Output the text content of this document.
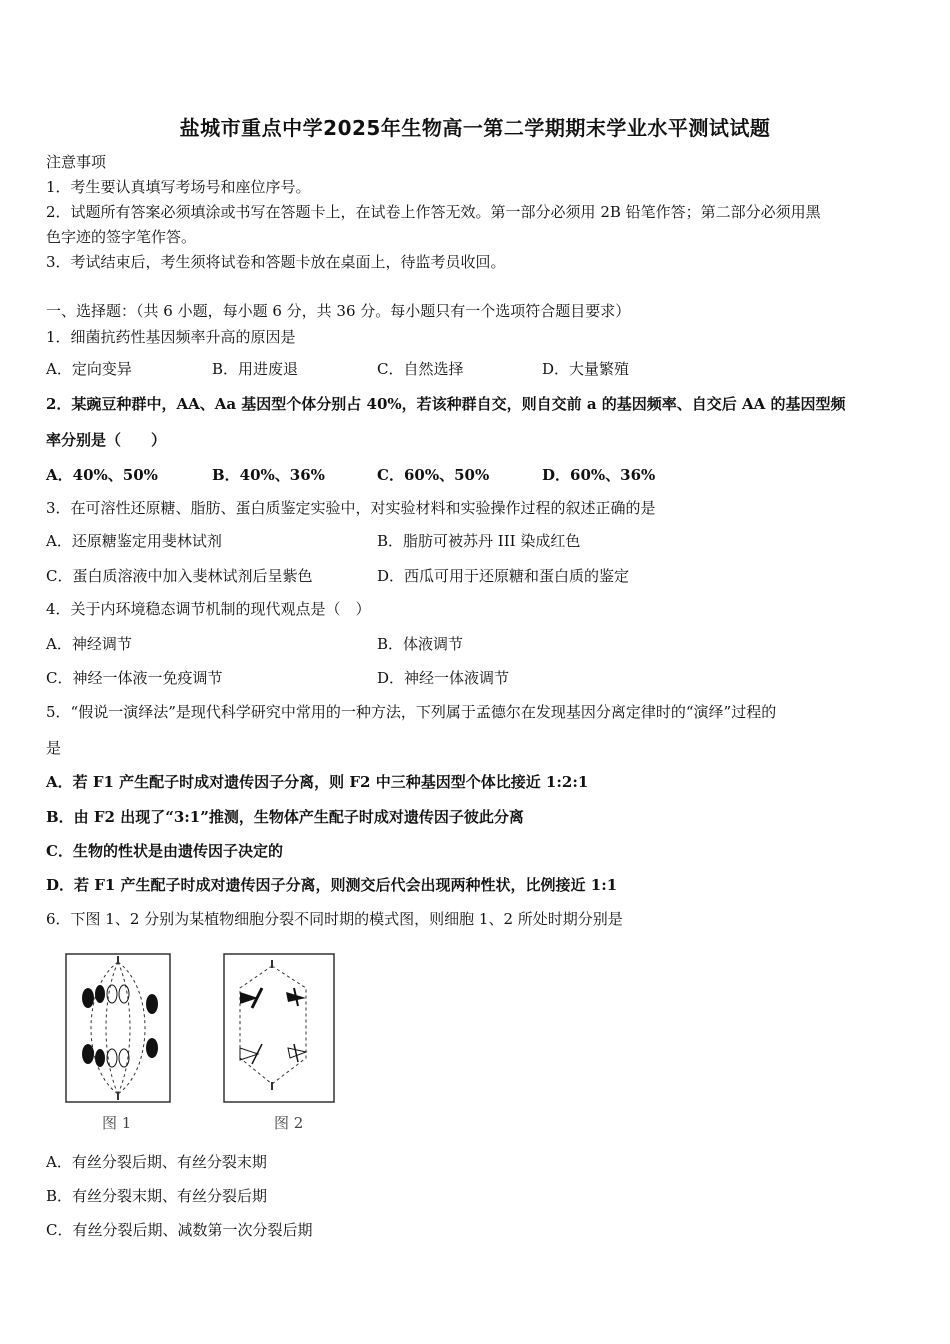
盐城市重点中学2025年生物高一第二学期期末学业水平测试试题
注意事项
1．考生要认真填写考场号和座位序号。
2．试题所有答案必须填涂或书写在答题卡上，在试卷上作答无效。第一部分必须用 2B 铅笔作答；第二部分必须用黑
色字迹的签字笔作答。
3．考试结束后，考生须将试卷和答题卡放在桌面上，待监考员收回。
一、选择题：（共 6 小题，每小题 6 分，共 36 分。每小题只有一个选项符合题目要求）
1．细菌抗药性基因频率升高的原因是
A．定向变异	B．用进废退	C．自然选择	D．大量繁殖
2．某豌豆种群中，AA、Aa 基因型个体分别占 40%，若该种群自交，则自交前 a 的基因频率、自交后 AA 的基因型频
率分别是（　　）
A．40%、50%	B．40%、36%	C．60%、50%	D．60%、36%
3．在可溶性还原糖、脂肪、蛋白质鉴定实验中，对实验材料和实验操作过程的叙述正确的是
A．还原糖鉴定用斐林试剂	B．脂肪可被苏丹 III 染成红色
C．蛋白质溶液中加入斐林试剂后呈紫色	D．西瓜可用于还原糖和蛋白质的鉴定
4．关于内环境稳态调节机制的现代观点是（　）
A．神经调节	B．体液调节
C．神经一体液一免疫调节	D．神经一体液调节
5．“假说一演绎法”是现代科学研究中常用的一种方法，下列属于孟德尔在发现基因分离定律时的“演绎”过程的
是
A．若 F1 产生配子时成对遗传因子分离，则 F2 中三种基因型个体比接近 1:2:1
B．由 F2 出现了“3:1”推测，生物体产生配子时成对遗传因子彼此分离
C．生物的性状是由遗传因子决定的
D．若 F1 产生配子时成对遗传因子分离，则测交后代会出现两种性状，比例接近 1:1
6．下图 1、2 分别为某植物细胞分裂不同时期的模式图，则细胞 1、2 所处时期分别是
图 1	图 2
A．有丝分裂后期、有丝分裂末期
B．有丝分裂末期、有丝分裂后期
C．有丝分裂后期、减数第一次分裂后期
